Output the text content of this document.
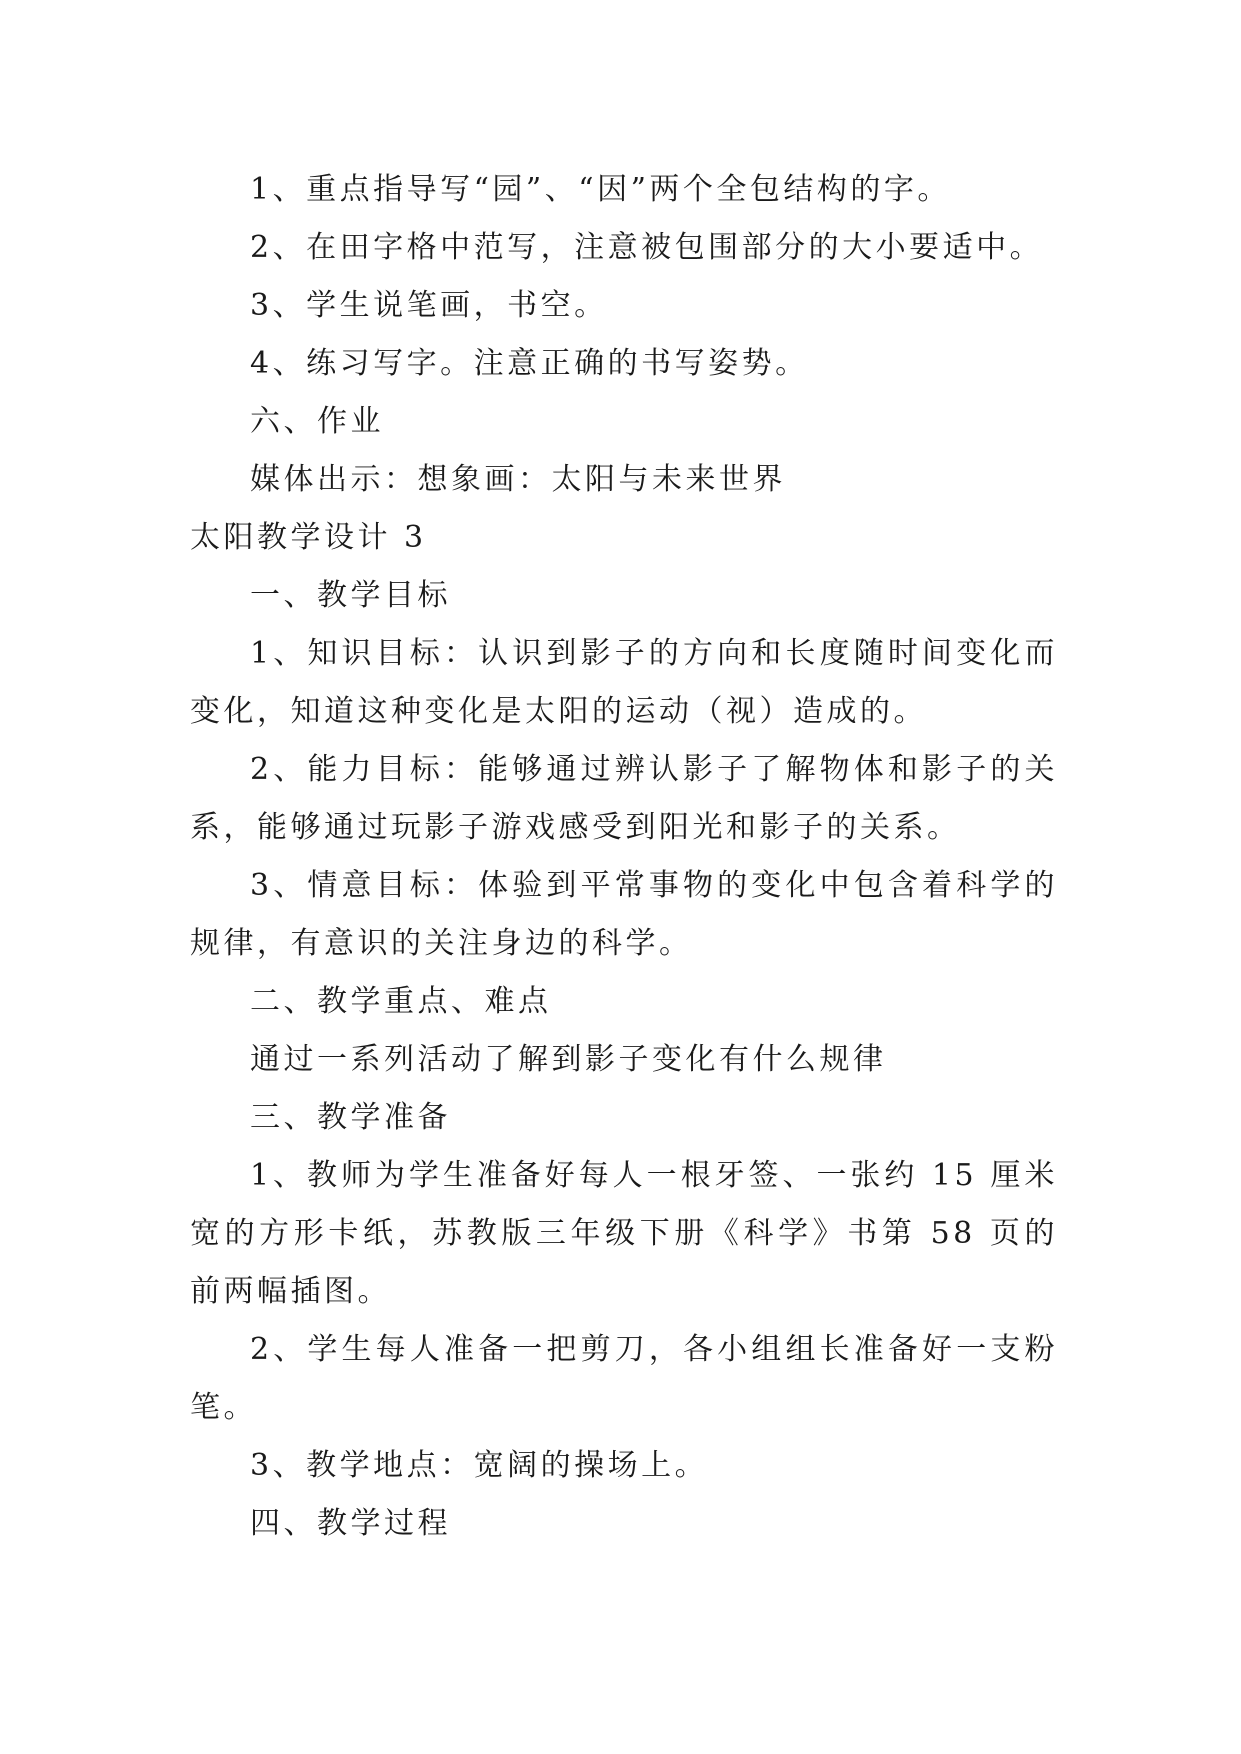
1、重点指导写“园”、“因”两个全包结构的字。

2、在田字格中范写，注意被包围部分的大小要适中。

3、学生说笔画，书空。

4、练习写字。注意正确的书写姿势。

六、作业

媒体出示：想象画：太阳与未来世界

太阳教学设计 3

一、教学目标

1、知识目标：认识到影子的方向和长度随时间变化而变化，知道这种变化是太阳的运动（视）造成的。

2、能力目标：能够通过辨认影子了解物体和影子的关系，能够通过玩影子游戏感受到阳光和影子的关系。

3、情意目标：体验到平常事物的变化中包含着科学的规律，有意识的关注身边的科学。

二、教学重点、难点

通过一系列活动了解到影子变化有什么规律

三、教学准备

1、教师为学生准备好每人一根牙签、一张约 15 厘米宽的方形卡纸，苏教版三年级下册《科学》书第 58 页的前两幅插图。

2、学生每人准备一把剪刀，各小组组长准备好一支粉笔。

3、教学地点：宽阔的操场上。

四、教学过程
